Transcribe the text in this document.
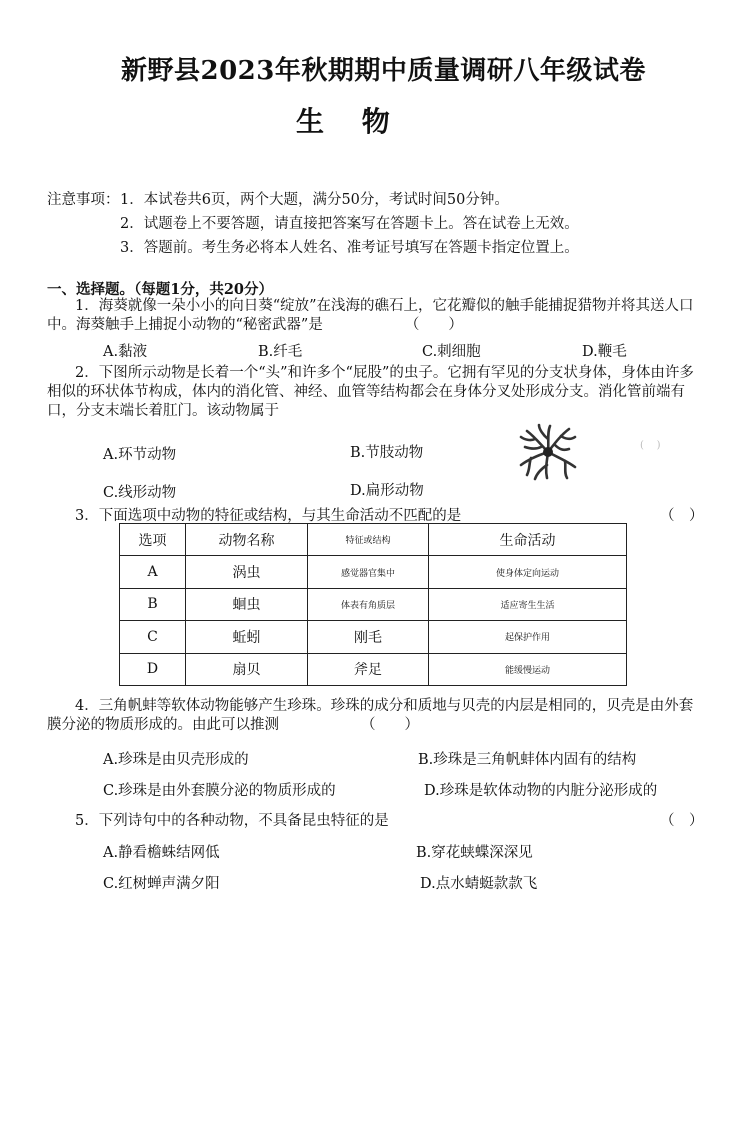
新野县2023年秋期期中质量调研八年级试卷
生 物
注意事项： 1．本试卷共6页，两个大题，满分50分，考试时间50分钟。
2．试题卷上不要答题，请直接把答案写在答题卡上。答在试卷上无效。
3．答题前。考生务必将本人姓名、准考证号填写在答题卡指定位置上。
一、选择题。（每题1分，共20分）
1．海葵就像一朵小小的向日葵“绽放”在浅海的礁石上，它花瓣似的触手能捕捉猎物并将其送人口中。海葵触手上捕捉小动物的“秘密武器”是	（　　）
A.黏液	B.纤毛	C.刺细胞	D.鞭毛
2．下图所示动物是长着一个“头”和许多个“屁股”的虫子。它拥有罕见的分支状身体，身体由许多相似的环状体节构成，体内的消化管、神经、血管等结构都会在身体分叉处形成分支。消化管前端有口，分支末端长着肛门。该动物属于
A.环节动物	B.节肢动物
C.线形动物	D.扁形动物
(    )
3．下面选项中动物的特征或结构，与其生命活动不匹配的是	（　）
选项	动物名称	特征或结构	生命活动
A	涡虫	感觉器官集中	使身体定向运动
B	蛔虫	体表有角质层	适应寄生生活
C	蚯蚓	刚毛	起保护作用
D	扇贝	斧足	能缓慢运动
4．三角帆蚌等软体动物能够产生珍珠。珍珠的成分和质地与贝壳的内层是相同的，贝壳是由外套膜分泌的物质形成的。由此可以推测	（　　）
A.珍珠是由贝壳形成的	B.珍珠是三角帆蚌体内固有的结构
C.珍珠是由外套膜分泌的物质形成的	D.珍珠是软体动物的内脏分泌形成的
5．下列诗句中的各种动物，不具备昆虫特征的是	（　）
A.静看檐蛛结网低	B.穿花蛱蝶深深见
C.红树蝉声满夕阳	D.点水蜻蜓款款飞
